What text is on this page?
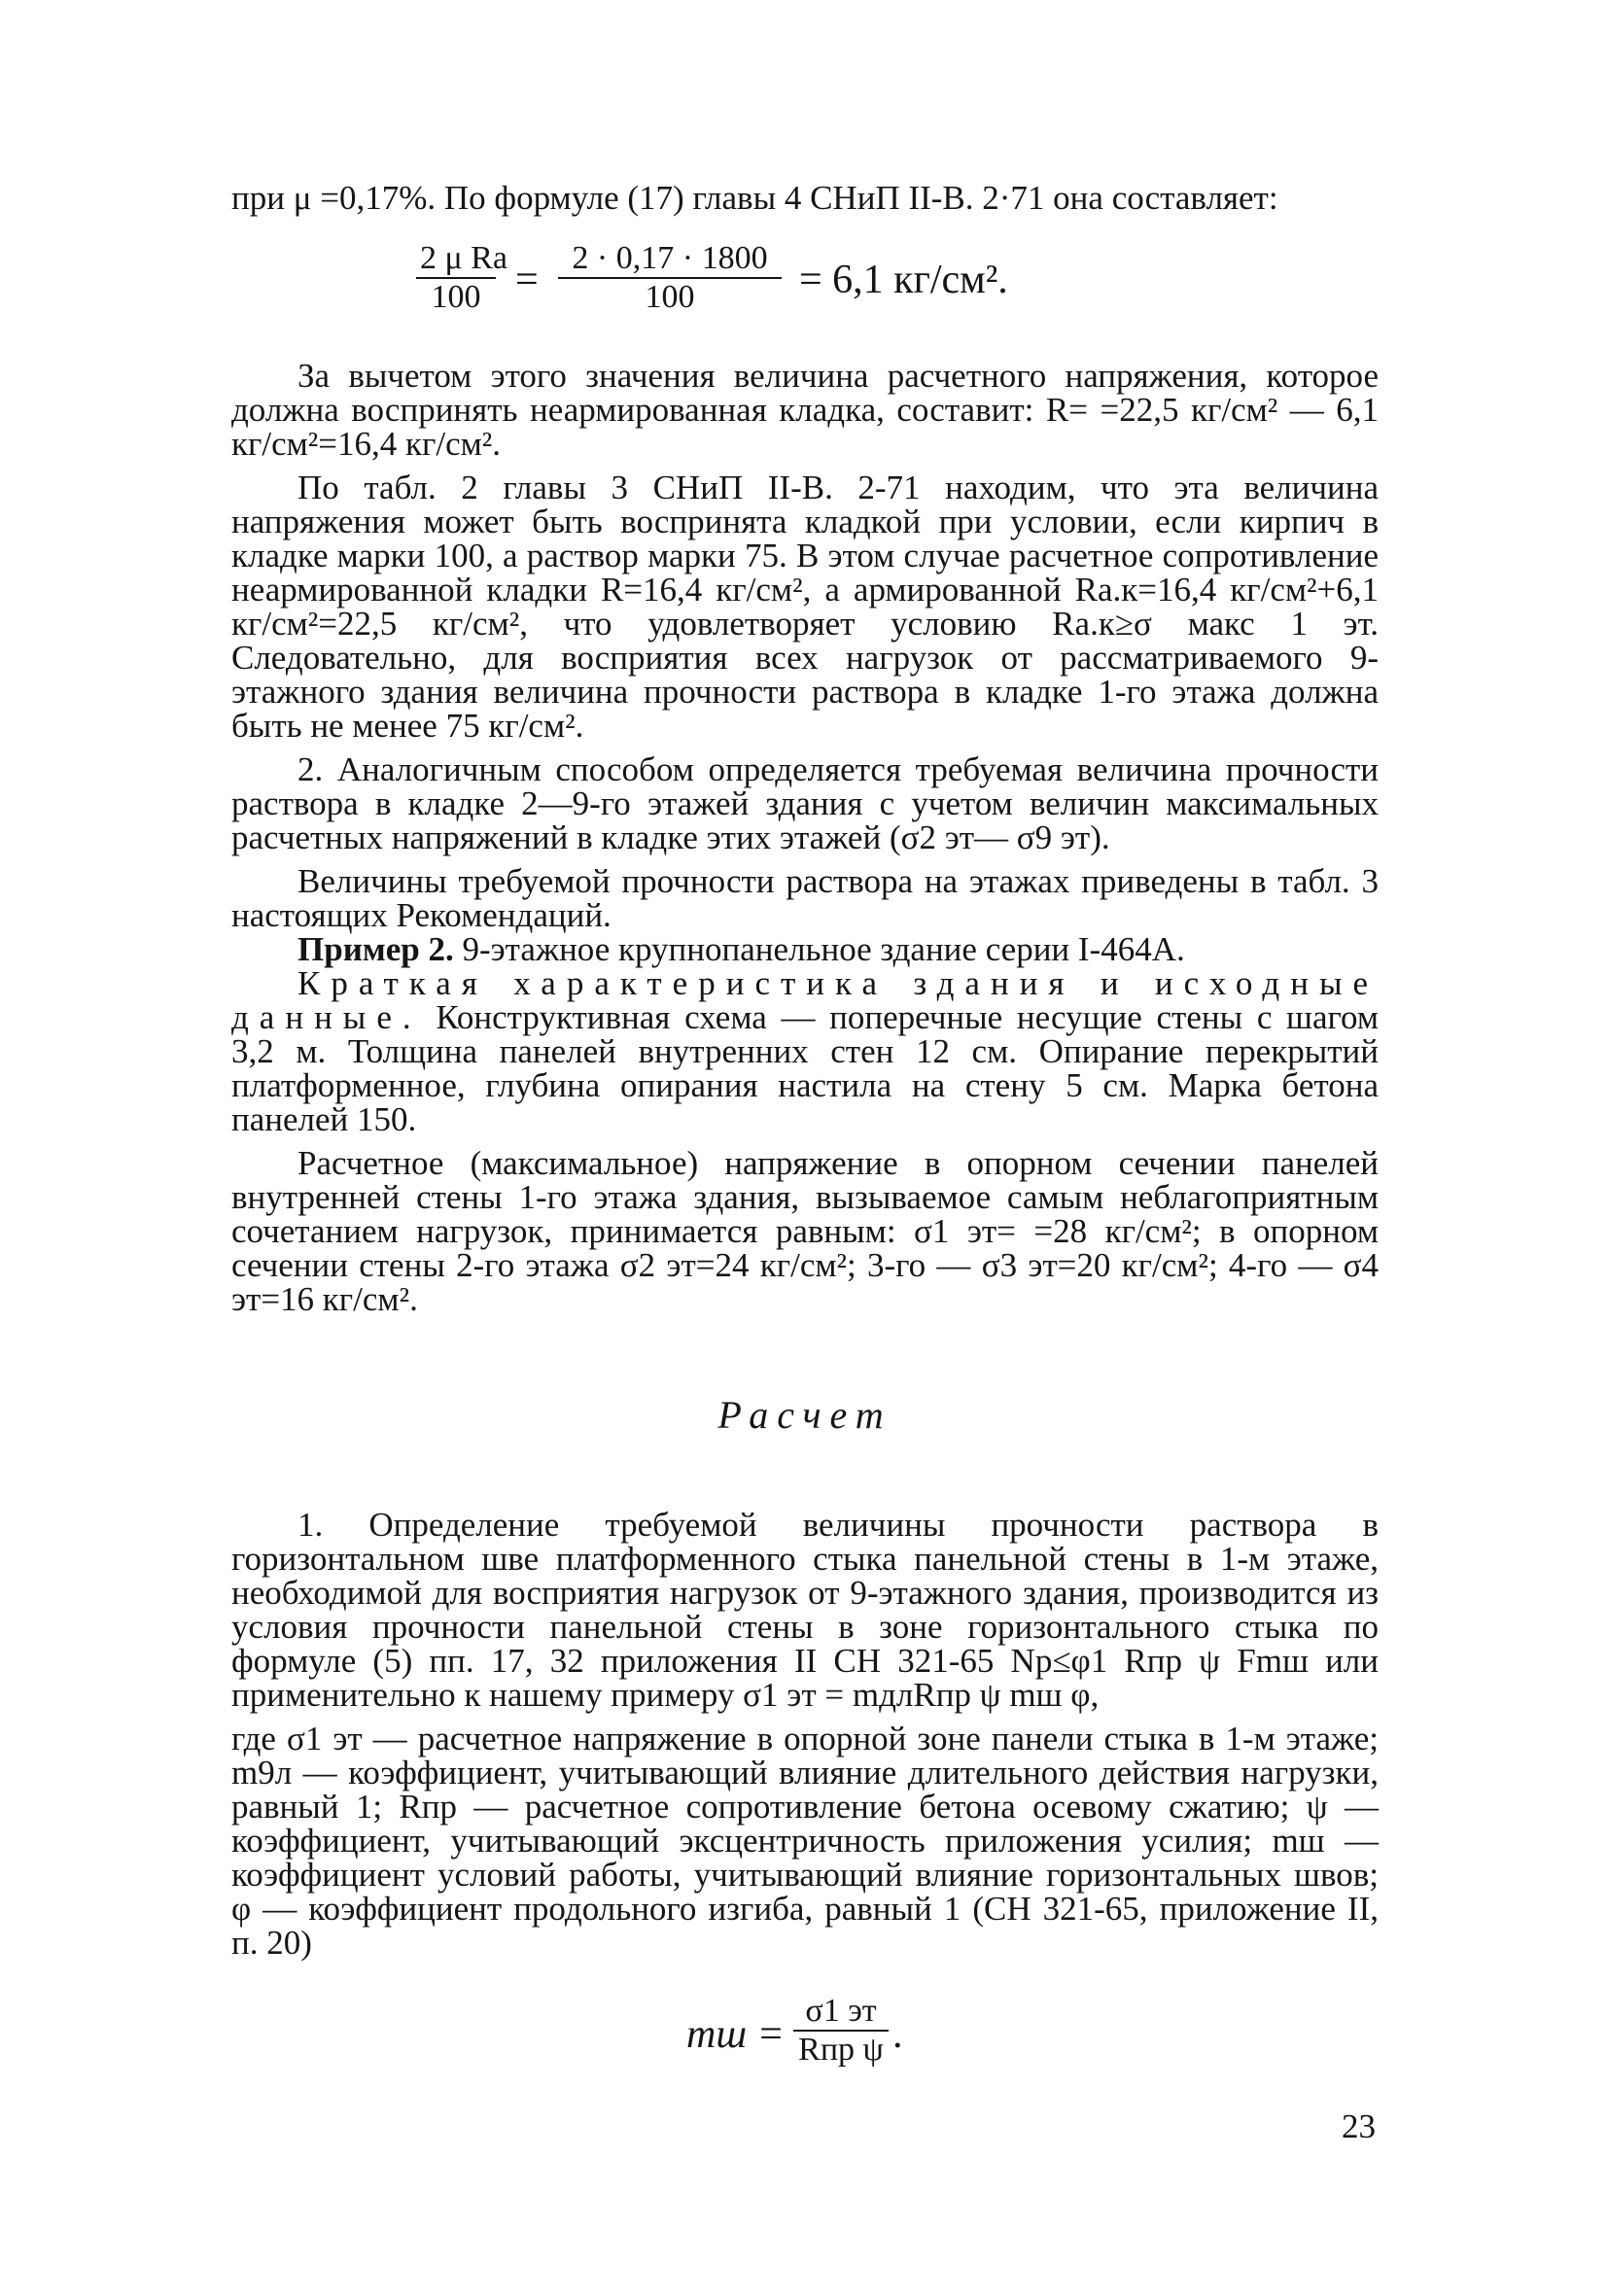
при μ =0,17%. По формуле (17) главы 4 СНиП II-В. 2·71 она составляет:

2 μ Rа
$100 = \frac{2 \cdot 0,17 \cdot 1800}{100} = 6,1$ кг/см².

За вычетом этого значения величина расчетного напряжения, которое должна воспринять неармированная кладка, составит: R= =22,5 кг/см² — 6,1 кг/см²=16,4 кг/см².

По табл. 2 главы 3 СНиП II-В. 2-71 находим, что эта величина напряжения может быть воспринята кладкой при условии, если кирпич в кладке марки 100, а раствор марки 75. В этом случае расчетное сопротивление неармированной кладки R=16,4 кг/см², а армированной Rа.к=16,4 кг/см²+6,1 кг/см²=22,5 кг/см², что удовлетворяет условию Rа.к≥σ макс 1 эт. Следовательно, для восприятия всех нагрузок от рассматриваемого 9-этажного здания величина прочности раствора в кладке 1-го этажа должна быть не менее 75 кг/см².

2. Аналогичным способом определяется требуемая величина прочности раствора в кладке 2—9-го этажей здания с учетом величин максимальных расчетных напряжений в кладке этих этажей (σ2 эт— σ9 эт).

Величины требуемой прочности раствора на этажах приведены в табл. 3 настоящих Рекомендаций.

Пример 2. 9-этажное крупнопанельное здание серии I-464А.

Краткая характеристика здания и исходные данные. Конструктивная схема — поперечные несущие стены с шагом 3,2 м. Толщина панелей внутренних стен 12 см. Опирание перекрытий платформенное, глубина опирания настила на стену 5 см. Марка бетона панелей 150.

Расчетное (максимальное) напряжение в опорном сечении панелей внутренней стены 1-го этажа здания, вызываемое самым неблагоприятным сочетанием нагрузок, принимается равным: σ1 эт= =28 кг/см²; в опорном сечении стены 2-го этажа σ2 эт=24 кг/см²; 3-го — σ3 эт=20 кг/см²; 4-го — σ4 эт=16 кг/см².

Расчет

1. Определение требуемой величины прочности раствора в горизонтальном шве платформенного стыка панельной стены в 1-м этаже, необходимой для восприятия нагрузок от 9-этажного здания, производится из условия прочности панельной стены в зоне горизонтального стыка по формуле (5) пп. 17, 32 приложения II СН 321-65 Nр≤φ1 Rпр ψ Fmш или применительно к нашему примеру σ1 эт = mдлRпр ψ mш φ,

где σ1 эт — расчетное напряжение в опорной зоне панели стыка в 1-м этаже; m9л — коэффициент, учитывающий влияние длительного действия нагрузки, равный 1; Rпр — расчетное сопротивление бетона осевому сжатию; ψ — коэффициент, учитывающий эксцентричность приложения усилия; mш — коэффициент условий работы, учитывающий влияние горизонтальных швов; φ — коэффициент продольного изгиба, равный 1 (СН 321-65, приложение II, п. 20)

mш =
σ1 эт
Rпр ψ .
23
